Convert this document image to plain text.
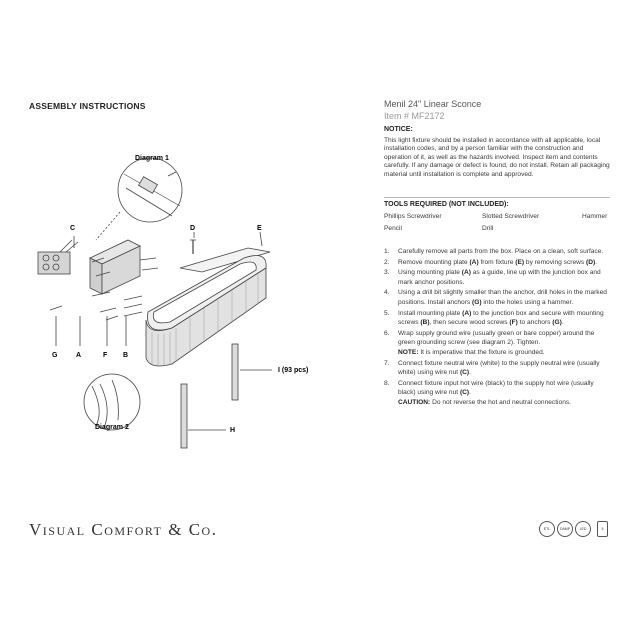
ASSEMBLY INSTRUCTIONS	Menil 24" Linear Sconce
Item # MF2172
NOTICE:
This light fixture should be installed in accordance with all applicable, local installation codes, and by a person familiar with the construction and operation of it, as well as the hazards involved. Inspect item and contents carefully. If any damage or defect is found, do not install. Retain all packaging material until installation is complete and approved.
TOOLS REQUIRED (NOT INCLUDED):
Phillips Screwdriver	Slotted Screwdriver	Hammer
Pencil	Drill
1. Carefully remove all parts from the box. Place on a clean, soft surface.
2. Remove mounting plate (A) from fixture (E) by removing screws (D).
3. Using mounting plate (A) as a guide, line up with the junction box and mark anchor positions.
4. Using a drill bit slightly smaller than the anchor, drill holes in the marked positions. Install anchors (G) into the holes using a hammer.
5. Install mounting plate (A) to the junction box and secure with mounting screws (B), then secure wood screws (F) to anchors (G).
6. Wrap supply ground wire (usually green or bare copper) around the green grounding screw (see diagram 2). Tighten.
NOTE: It is imperative that the fixture is grounded.
7. Connect fixture neutral wire (white) to the supply neutral wire (usually white) using wire nut (C).
8. Connect fixture input hot wire (black) to the supply hot wire (usually black) using wire nut (C).
CAUTION: Do not reverse the hot and neutral connections.
Diagram 1
Diagram 2
C	D	E
G	A	F B
I (93 pcs)
H
Visual Comfort & Co.	ETL	DAMP	LED	5
